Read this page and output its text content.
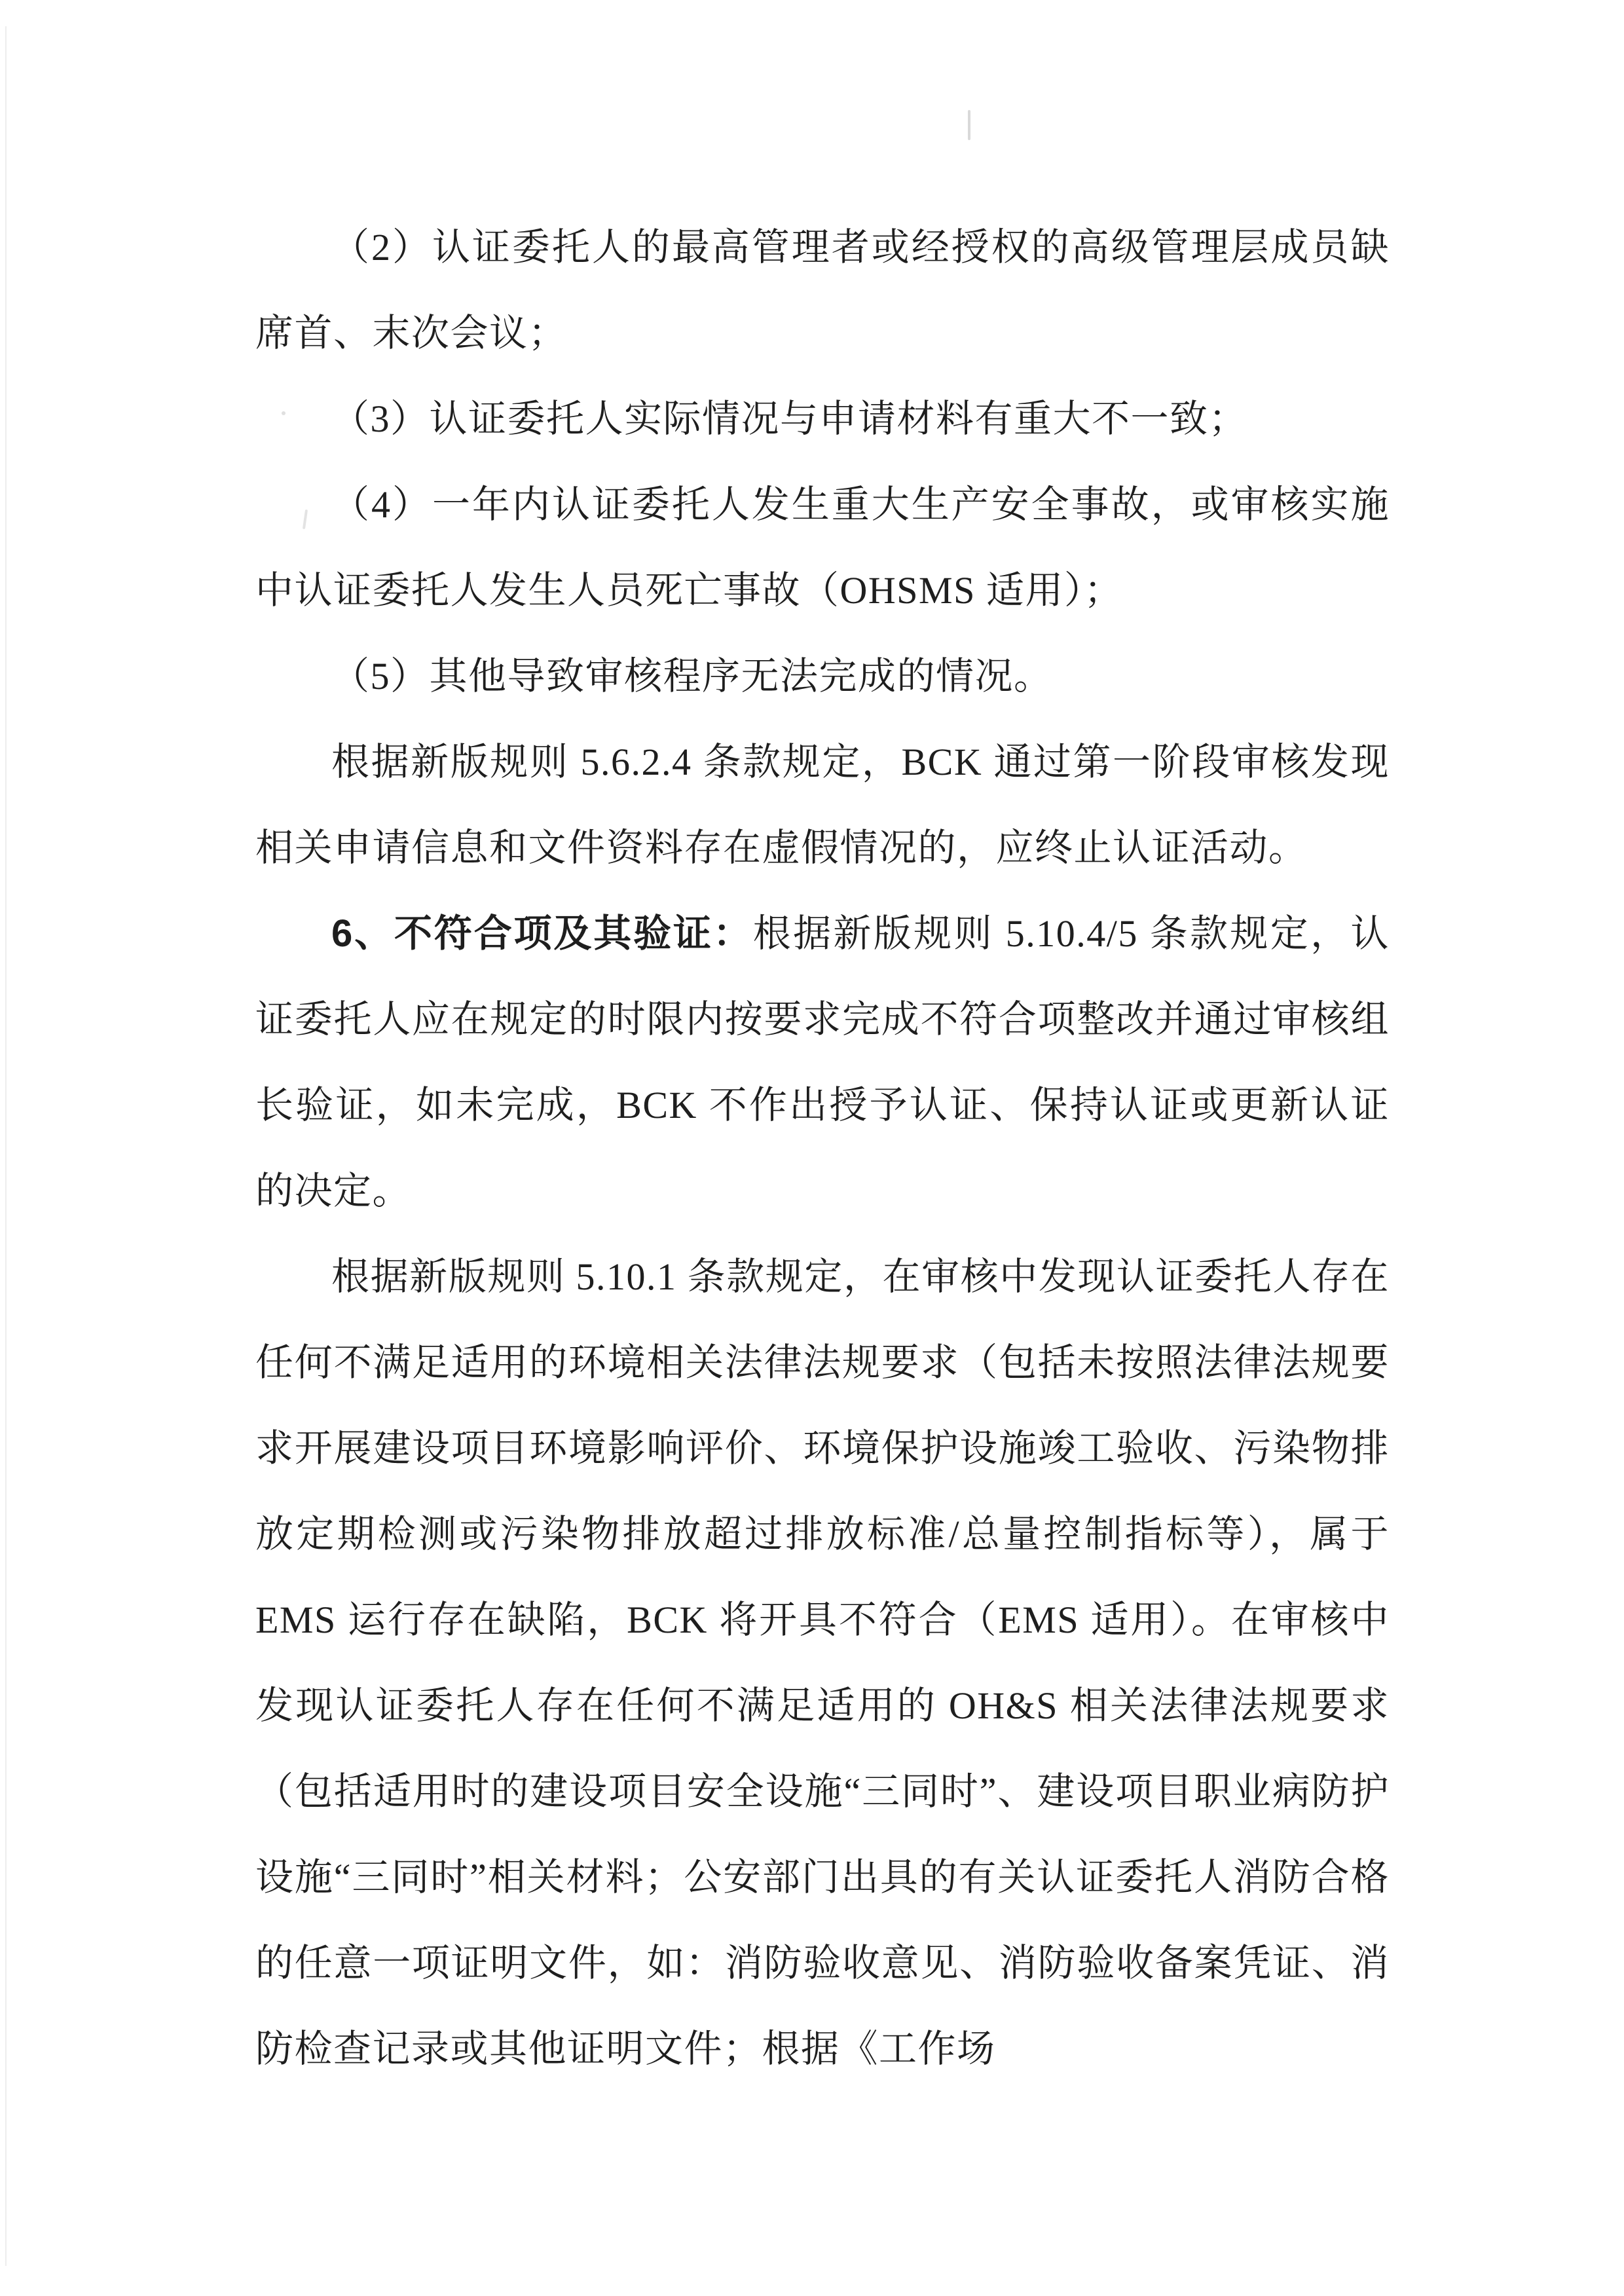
（2）认证委托人的最高管理者或经授权的高级管理层成员缺席首、末次会议；

（3）认证委托人实际情况与申请材料有重大不一致；

（4）一年内认证委托人发生重大生产安全事故，或审核实施中认证委托人发生人员死亡事故（OHSMS 适用）；

（5）其他导致审核程序无法完成的情况。

根据新版规则 5.6.2.4 条款规定，BCK 通过第一阶段审核发现相关申请信息和文件资料存在虚假情况的，应终止认证活动。

6、不符合项及其验证：根据新版规则 5.10.4/5 条款规定，认证委托人应在规定的时限内按要求完成不符合项整改并通过审核组长验证，如未完成，BCK 不作出授予认证、保持认证或更新认证的决定。

根据新版规则 5.10.1 条款规定，在审核中发现认证委托人存在任何不满足适用的环境相关法律法规要求（包括未按照法律法规要求开展建设项目环境影响评价、环境保护设施竣工验收、污染物排放定期检测或污染物排放超过排放标准/总量控制指标等），属于 EMS 运行存在缺陷，BCK 将开具不符合（EMS 适用）。在审核中发现认证委托人存在任何不满足适用的 OH&S 相关法律法规要求（包括适用时的建设项目安全设施“三同时”、建设项目职业病防护设施“三同时”相关材料；公安部门出具的有关认证委托人消防合格的任意一项证明文件，如：消防验收意见、消防验收备案凭证、消防检查记录或其他证明文件；根据《工作场
